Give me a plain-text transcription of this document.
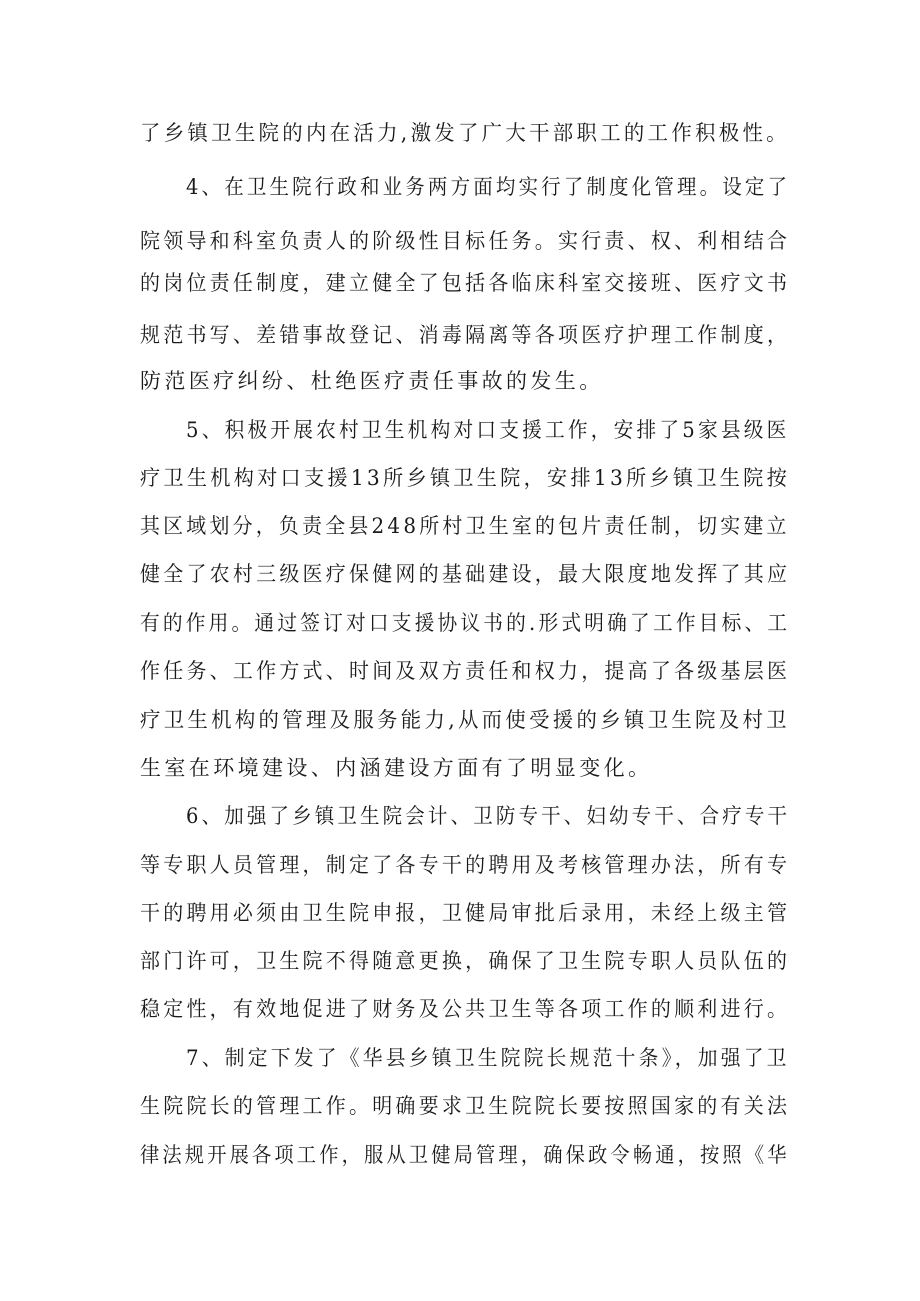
了乡镇卫生院的内在活力,激发了广大干部职工的工作积极性。
4、在卫生院行政和业务两方面均实行了制度化管理。设定了
院领导和科室负责人的阶级性目标任务。实行责、权、利相结合
的岗位责任制度，建立健全了包括各临床科室交接班、医疗文书
规范书写、差错事故登记、消毒隔离等各项医疗护理工作制度，
防范医疗纠纷、杜绝医疗责任事故的发生。
5、积极开展农村卫生机构对口支援工作，安排了5家县级医
疗卫生机构对口支援13所乡镇卫生院，安排13所乡镇卫生院按
其区域划分，负责全县248所村卫生室的包片责任制，切实建立
健全了农村三级医疗保健网的基础建设，最大限度地发挥了其应
有的作用。通过签订对口支援协议书的.形式明确了工作目标、工
作任务、工作方式、时间及双方责任和权力，提高了各级基层医
疗卫生机构的管理及服务能力,从而使受援的乡镇卫生院及村卫
生室在环境建设、内涵建设方面有了明显变化。
6、加强了乡镇卫生院会计、卫防专干、妇幼专干、合疗专干
等专职人员管理，制定了各专干的聘用及考核管理办法，所有专
干的聘用必须由卫生院申报，卫健局审批后录用，未经上级主管
部门许可，卫生院不得随意更换，确保了卫生院专职人员队伍的
稳定性，有效地促进了财务及公共卫生等各项工作的顺利进行。
7、制定下发了《华县乡镇卫生院院长规范十条》，加强了卫
生院院长的管理工作。明确要求卫生院院长要按照国家的有关法
律法规开展各项工作，服从卫健局管理，确保政令畅通，按照《华
